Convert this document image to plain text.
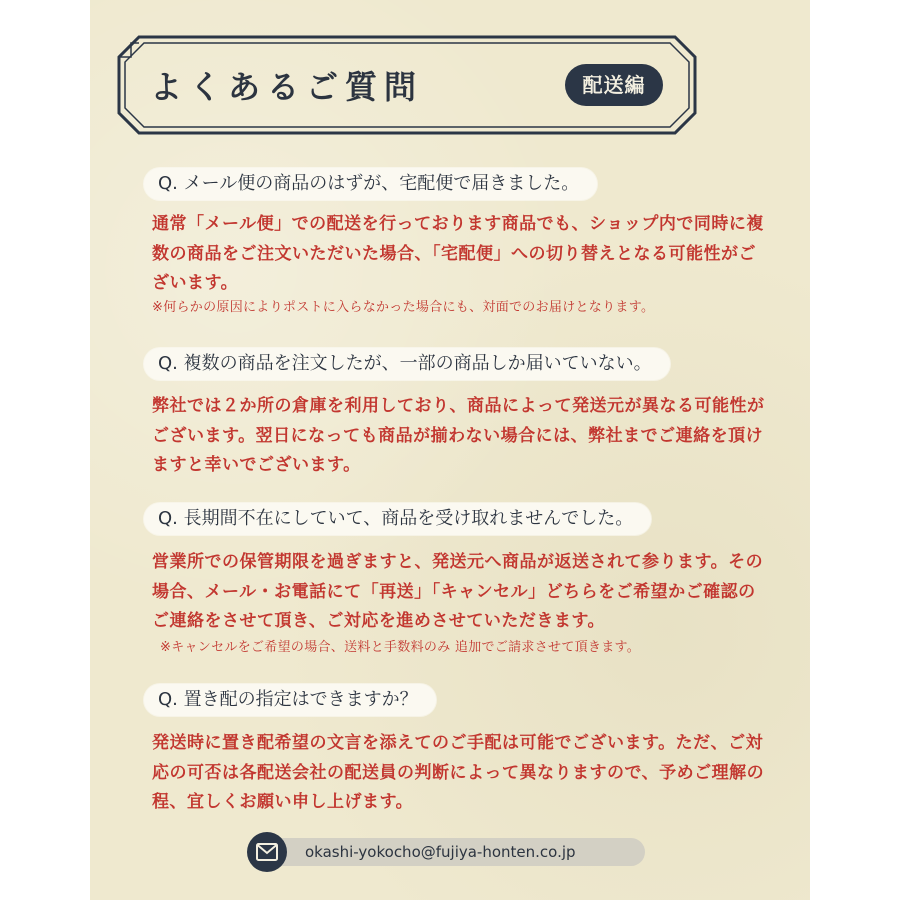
よくあるご質問	配送編
Q. メール便の商品のはずが、宅配便で届きました。
通常「メール便」での配送を行っております商品でも、ショップ内で同時に複数の商品をご注文いただいた場合、「宅配便」への切り替えとなる可能性がございます。
※何らかの原因によりポストに入らなかった場合にも、対面でのお届けとなります。
Q. 複数の商品を注文したが、一部の商品しか届いていない。
弊社では２か所の倉庫を利用しており、商品によって発送元が異なる可能性がございます。翌日になっても商品が揃わない場合には、弊社までご連絡を頂けますと幸いでございます。
Q. 長期間不在にしていて、商品を受け取れませんでした。
営業所での保管期限を過ぎますと、発送元へ商品が返送されて参ります。その場合、メール・お電話にて「再送」「キャンセル」どちらをご希望かご確認のご連絡をさせて頂き、ご対応を進めさせていただきます。
※キャンセルをご希望の場合、送料と手数料のみ 追加でご請求させて頂きます。
Q. 置き配の指定はできますか？
発送時に置き配希望の文言を添えてのご手配は可能でございます。ただ、ご対応の可否は各配送会社の配送員の判断によって異なりますので、予めご理解の程、宜しくお願い申し上げます。
okashi-yokocho@fujiya-honten.co.jp
